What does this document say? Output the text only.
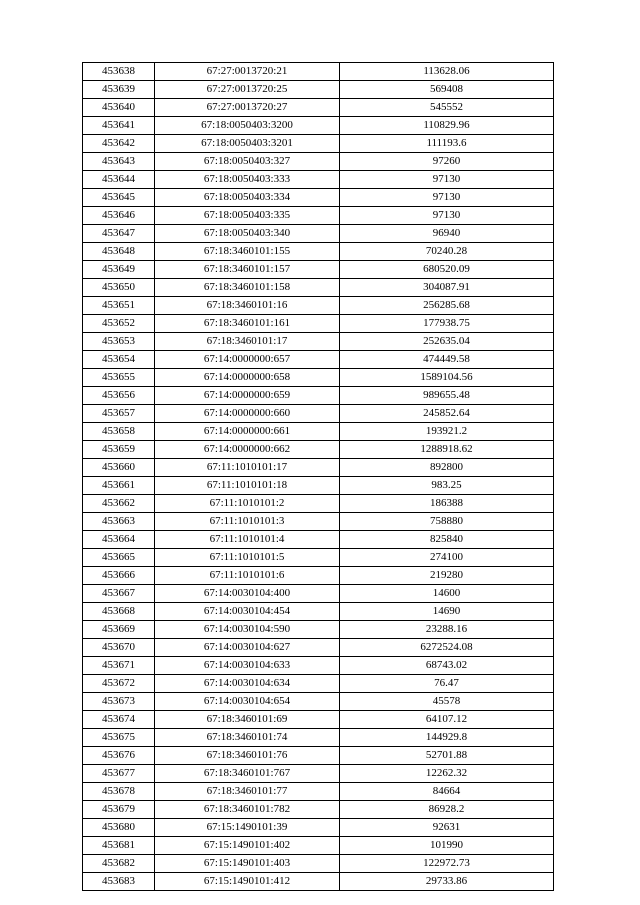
453638	67:27:0013720:21	113628.06
453639	67:27:0013720:25	569408
453640	67:27:0013720:27	545552
453641	67:18:0050403:3200	110829.96
453642	67:18:0050403:3201	111193.6
453643	67:18:0050403:327	97260
453644	67:18:0050403:333	97130
453645	67:18:0050403:334	97130
453646	67:18:0050403:335	97130
453647	67:18:0050403:340	96940
453648	67:18:3460101:155	70240.28
453649	67:18:3460101:157	680520.09
453650	67:18:3460101:158	304087.91
453651	67:18:3460101:16	256285.68
453652	67:18:3460101:161	177938.75
453653	67:18:3460101:17	252635.04
453654	67:14:0000000:657	474449.58
453655	67:14:0000000:658	1589104.56
453656	67:14:0000000:659	989655.48
453657	67:14:0000000:660	245852.64
453658	67:14:0000000:661	193921.2
453659	67:14:0000000:662	1288918.62
453660	67:11:1010101:17	892800
453661	67:11:1010101:18	983.25
453662	67:11:1010101:2	186388
453663	67:11:1010101:3	758880
453664	67:11:1010101:4	825840
453665	67:11:1010101:5	274100
453666	67:11:1010101:6	219280
453667	67:14:0030104:400	14600
453668	67:14:0030104:454	14690
453669	67:14:0030104:590	23288.16
453670	67:14:0030104:627	6272524.08
453671	67:14:0030104:633	68743.02
453672	67:14:0030104:634	76.47
453673	67:14:0030104:654	45578
453674	67:18:3460101:69	64107.12
453675	67:18:3460101:74	144929.8
453676	67:18:3460101:76	52701.88
453677	67:18:3460101:767	12262.32
453678	67:18:3460101:77	84664
453679	67:18:3460101:782	86928.2
453680	67:15:1490101:39	92631
453681	67:15:1490101:402	101990
453682	67:15:1490101:403	122972.73
453683	67:15:1490101:412	29733.86
